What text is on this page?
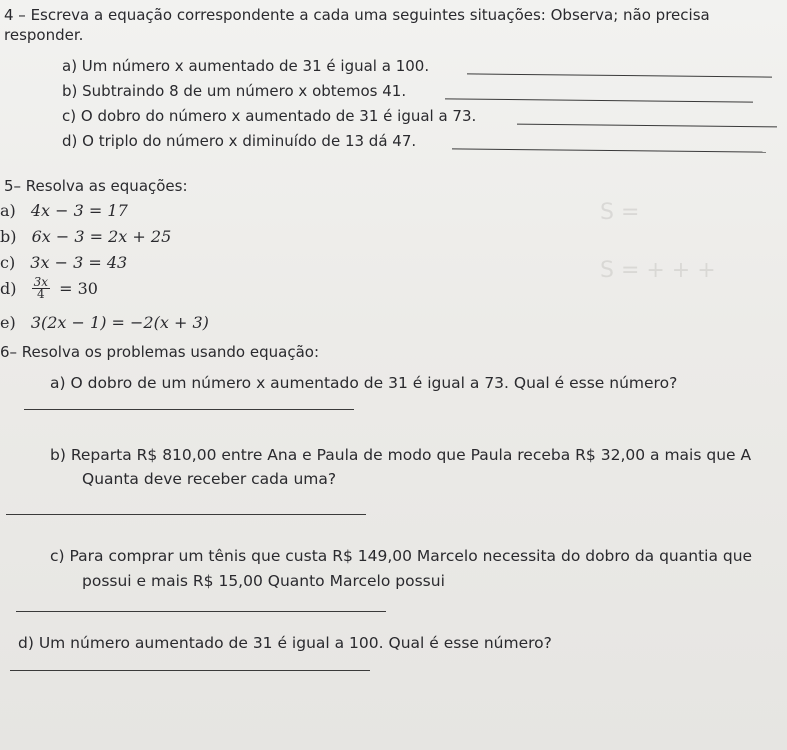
S =
S = + + +
4 – Escreva a equação correspondente a cada uma seguintes situações: Observa; não precisa
responder.
a) Um número x aumentado de 31 é igual a 100.
b) Subtraindo 8 de um número x obtemos 41.
c) O dobro do número x aumentado de 31 é igual a 73.
d) O triplo do número x diminuído de 13 dá 47.
5– Resolva as equações:
a) 4x − 3 = 17
b) 6x − 3 = 2x + 25
c) 3x − 3 = 43
$d) \frac{3x}{4} = 30$
e) 3(2x − 1) = −2(x + 3)
6– Resolva os problemas usando equação:
a) O dobro de um número x aumentado de 31 é igual a 73. Qual é esse número?
b) Reparta R$ 810,00 entre Ana e Paula de modo que Paula receba R$ 32,00 a mais que A
Quanta deve receber cada uma?
c) Para comprar um tênis que custa R$ 149,00 Marcelo necessita do dobro da quantia que
possui e mais R$ 15,00 Quanto Marcelo possui
d) Um número aumentado de 31 é igual a 100. Qual é esse número?
